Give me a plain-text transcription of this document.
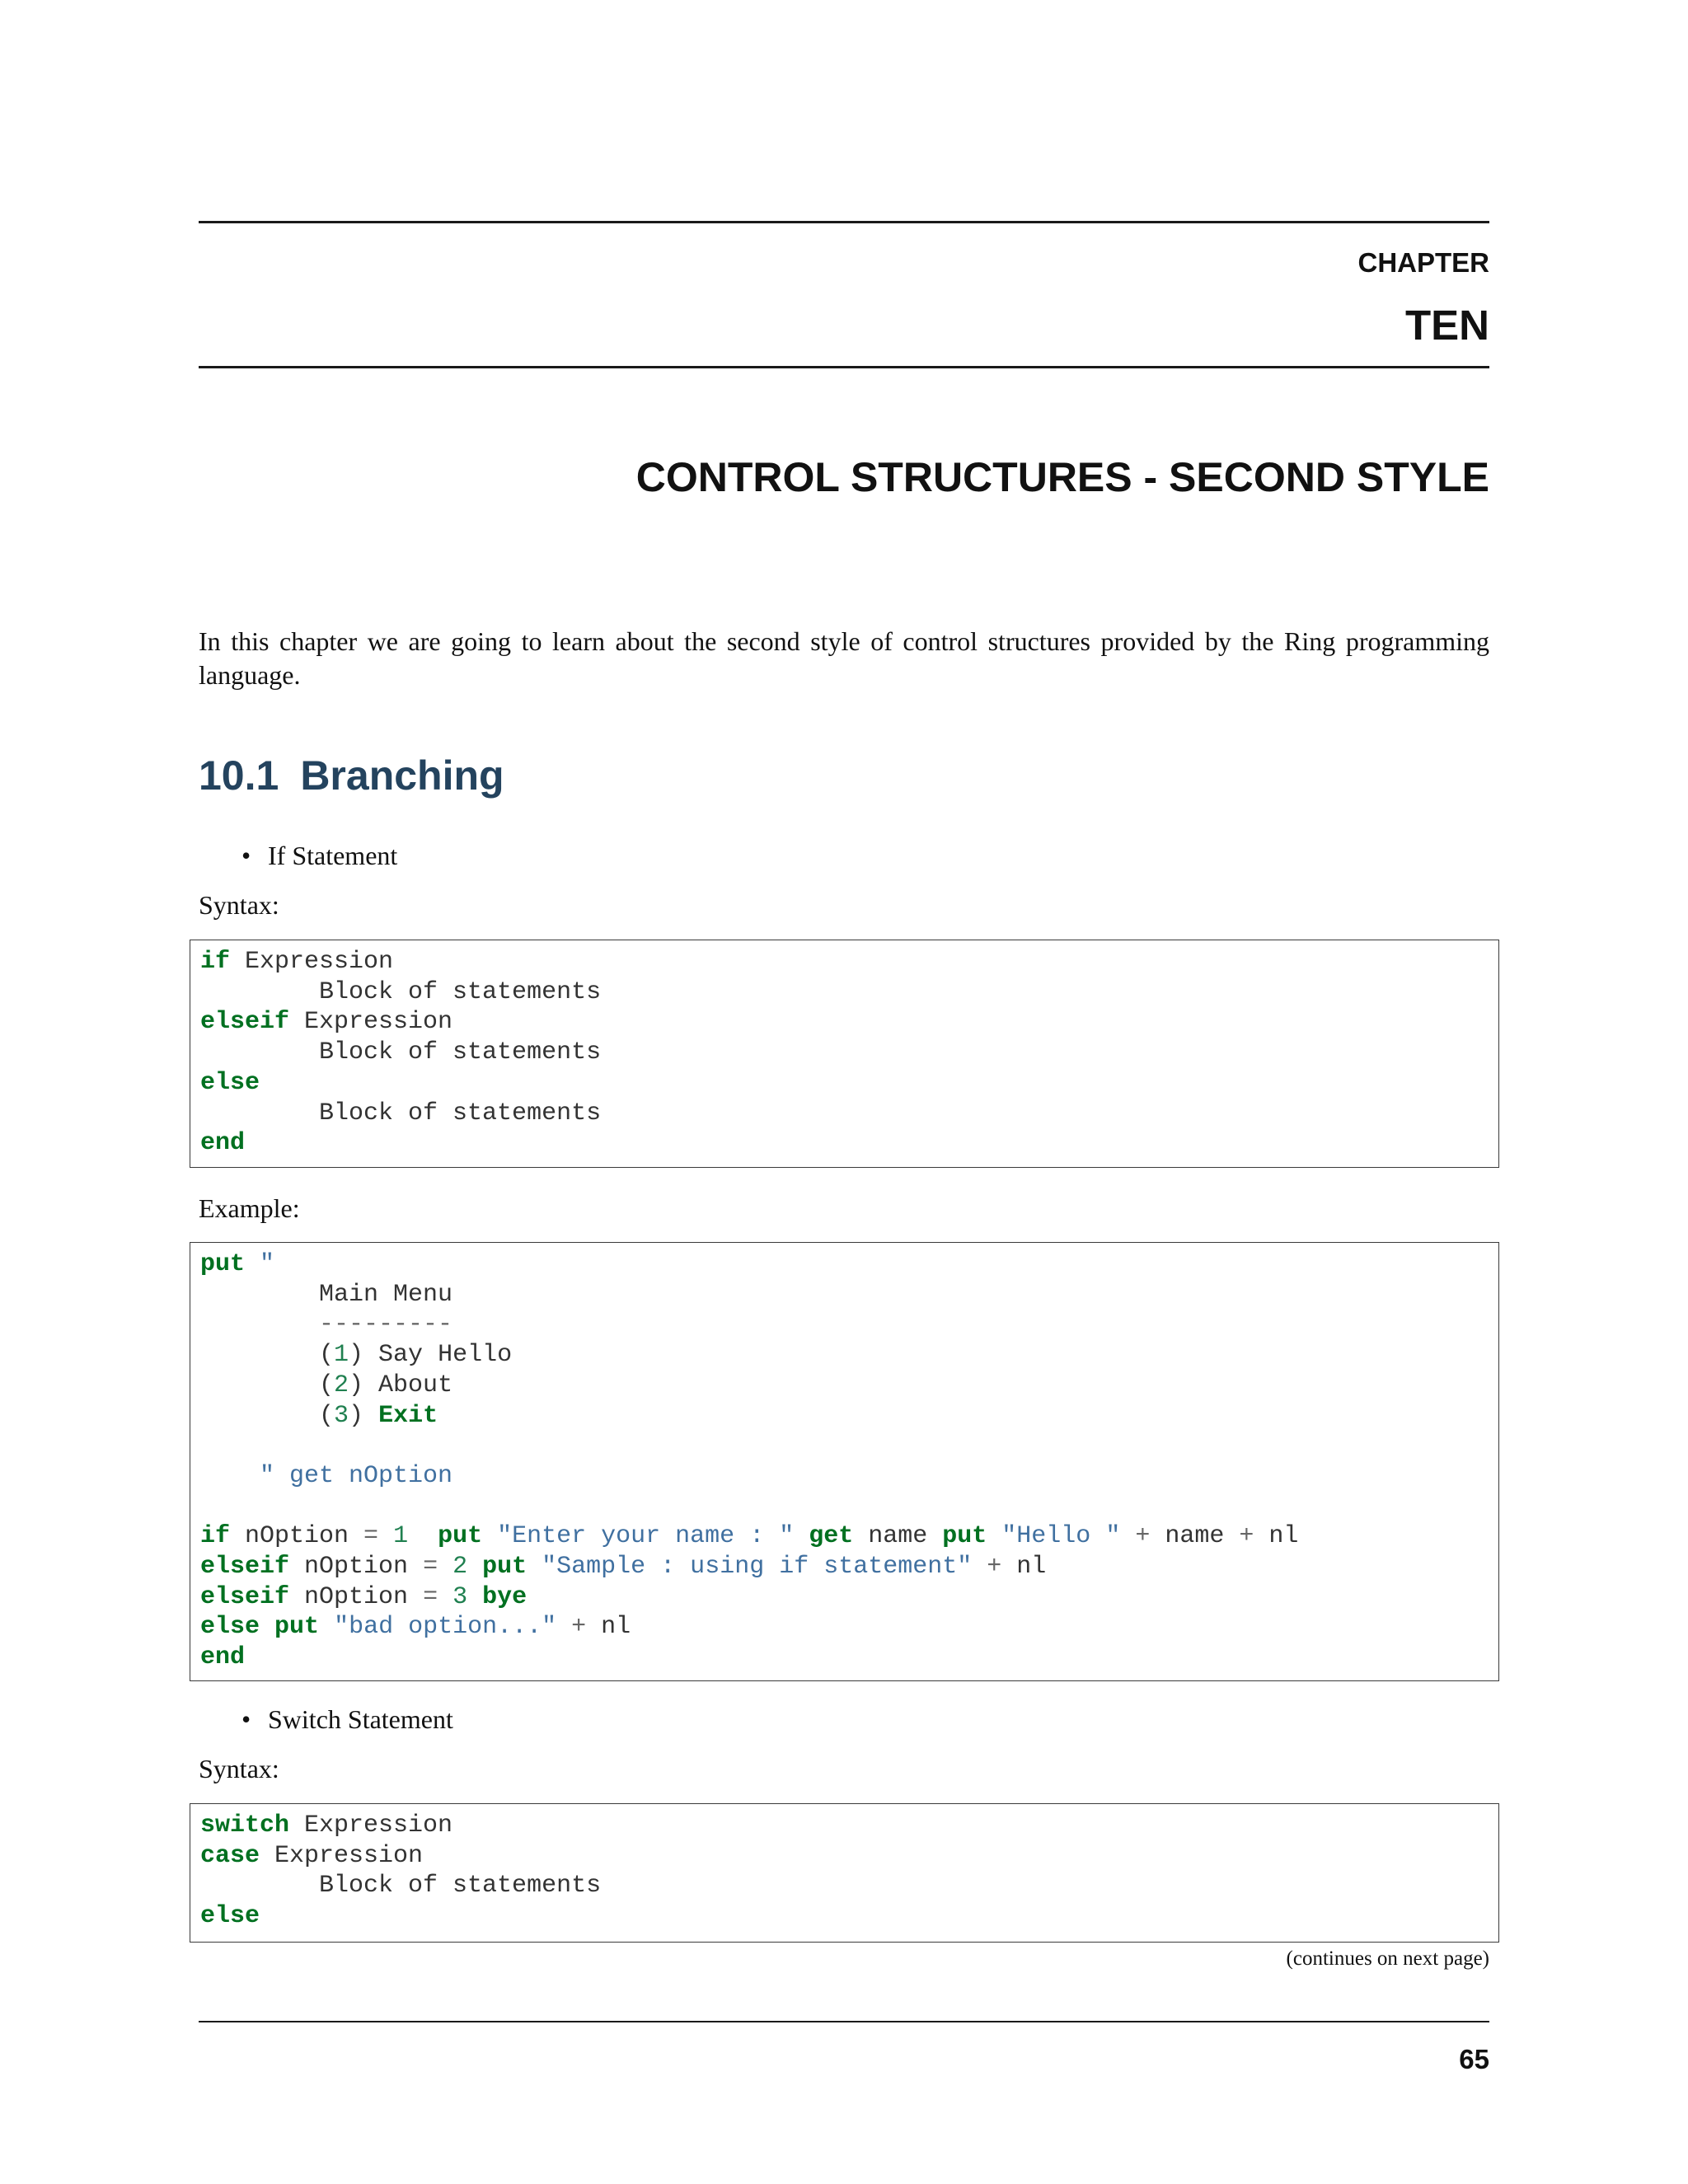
CHAPTER
TEN
CONTROL STRUCTURES - SECOND STYLE

In this chapter we are going to learn about the second style of control structures provided by the Ring programming language.

10.1 Branching
• If Statement
Syntax:
if Expression
Block of statements
elseif Expression
Block of statements
else
Block of statements
end
Example:
put "
Main Menu
---------
(1) Say Hello
(2) About
(3) Exit

" get nOption

if nOption = 1 put "Enter your name : " get name put "Hello " + name + nl
elseif nOption = 2 put "Sample : using if statement" + nl
elseif nOption = 3 bye
else put "bad option..." + nl
end
• Switch Statement
Syntax:
switch Expression
case Expression
Block of statements
else
(continues on next page)
65
